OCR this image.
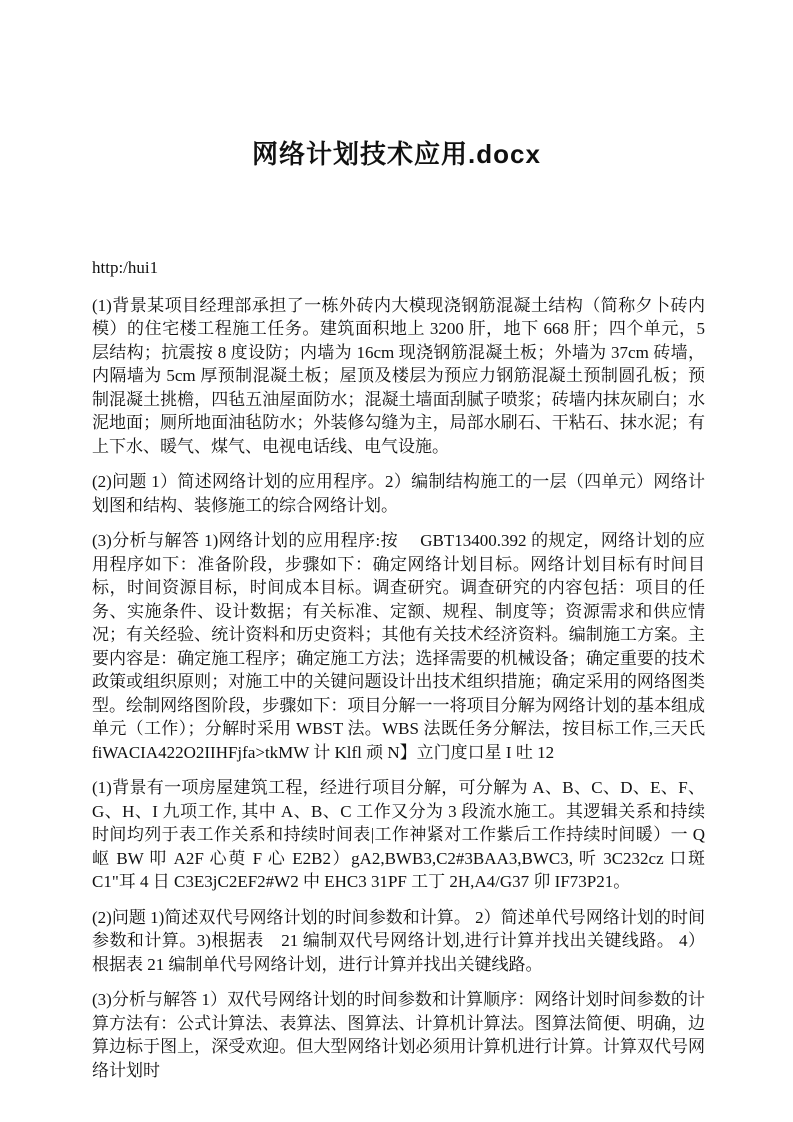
网络计划技术应用.docx
http:/hui1
(1)背景某项目经理部承担了一栋外砖内大模现浇钢筋混凝土结构（简称夕卜砖内模）的住宅楼工程施工任务。建筑面积地上 3200 肝，地下 668 肝；四个单元，5 层结构；抗震按 8 度设防；内墙为 16cm 现浇钢筋混凝土板；外墙为 37cm 砖墙，内隔墙为 5cm 厚预制混凝土板；屋顶及楼层为预应力钢筋混凝土预制圆孔板；预制混凝土挑檐，四毡五油屋面防水；混凝土墙面刮腻子喷浆；砖墙内抹灰刷白；水泥地面；厕所地面油毡防水；外装修勾缝为主，局部水刷石、干粘石、抹水泥；有上下水、暖气、煤气、电视电话线、电气设施。
(2)问题 1）简述网络计划的应用程序。2）编制结构施工的一层（四单元）网络计划图和结构、装修施工的综合网络计划。
(3)分析与解答 1)网络计划的应用程序:按　 GBT13400.392 的规定，网络计划的应用程序如下：准备阶段，步骤如下：确定网络计划目标。网络计划目标有时间目标，时间资源目标，时间成本目标。调查研究。调查研究的内容包括：项目的任务、实施条件、设计数据；有关标准、定额、规程、制度等；资源需求和供应情况；有关经验、统计资料和历史资料；其他有关技术经济资料。编制施工方案。主要内容是：确定施工程序；确定施工方法；选择需要的机械设备；确定重要的技术政策或组织原则；对施工中的关键问题设计出技术组织措施；确定采用的网络图类型。绘制网络图阶段，步骤如下：项目分解一一将项目分解为网络计划的基本组成单元（工作）；分解时采用 WBST 法。WBS 法既任务分解法，按目标工作,三天氏 fiWACIA422O2IIHFjfa>tkMW 计 Klfl 顽 N】立门度口星 I 吐 12
(1)背景有一项房屋建筑工程，经进行项目分解，可分解为 A、B、C、D、E、F、G、H、I 九项工作, 其中 A、B、C 工作又分为 3 段流水施工。其逻辑关系和持续时间均列于表工作关系和持续时间表|工作神紧对工作紫后工作持续时间暖）一 Q 岖 BW 叩 A2F 心萸 F 心 E2B2）gA2,BWB3,C2#3BAA3,BWC3, 听 3C232cz 口斑 C1"耳 4 日 C3E3jC2EF2#W2 中 EHC3 31PF 工丁 2H,A4/G37 卯 IF73P21。
(2)问题 1)简述双代号网络计划的时间参数和计算。 2）简述单代号网络计划的时间参数和计算。3)根据表　21 编制双代号网络计划,进行计算并找出关键线路。 4）根据表 21 编制单代号网络计划，进行计算并找出关键线路。
(3)分析与解答 1）双代号网络计划的时间参数和计算顺序：网络计划时间参数的计算方法有：公式计算法、表算法、图算法、计算机计算法。图算法简便、明确，边算边标于图上，深受欢迎。但大型网络计划必须用计算机进行计算。计算双代号网络计划时
